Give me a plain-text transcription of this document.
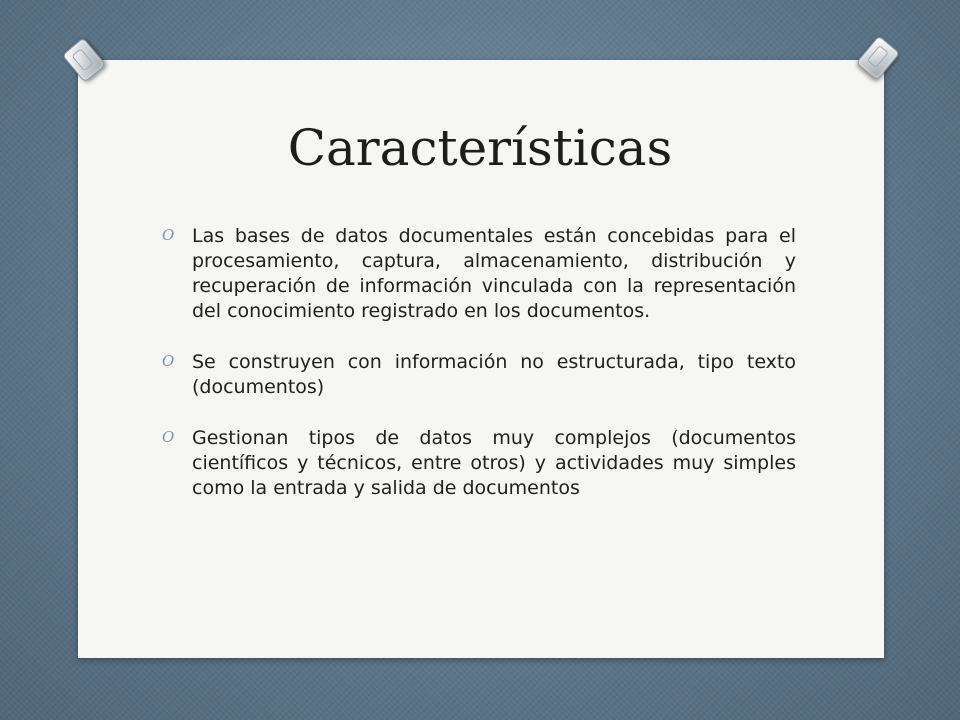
Características
O Las bases de datos documentales están concebidas para el procesamiento, captura, almacenamiento, distribución y recuperación de información vinculada con la representación del conocimiento registrado en los documentos.
O Se construyen con información no estructurada, tipo texto (documentos)
O Gestionan tipos de datos muy complejos (documentos científicos y técnicos, entre otros) y actividades muy simples como la entrada y salida de documentos
